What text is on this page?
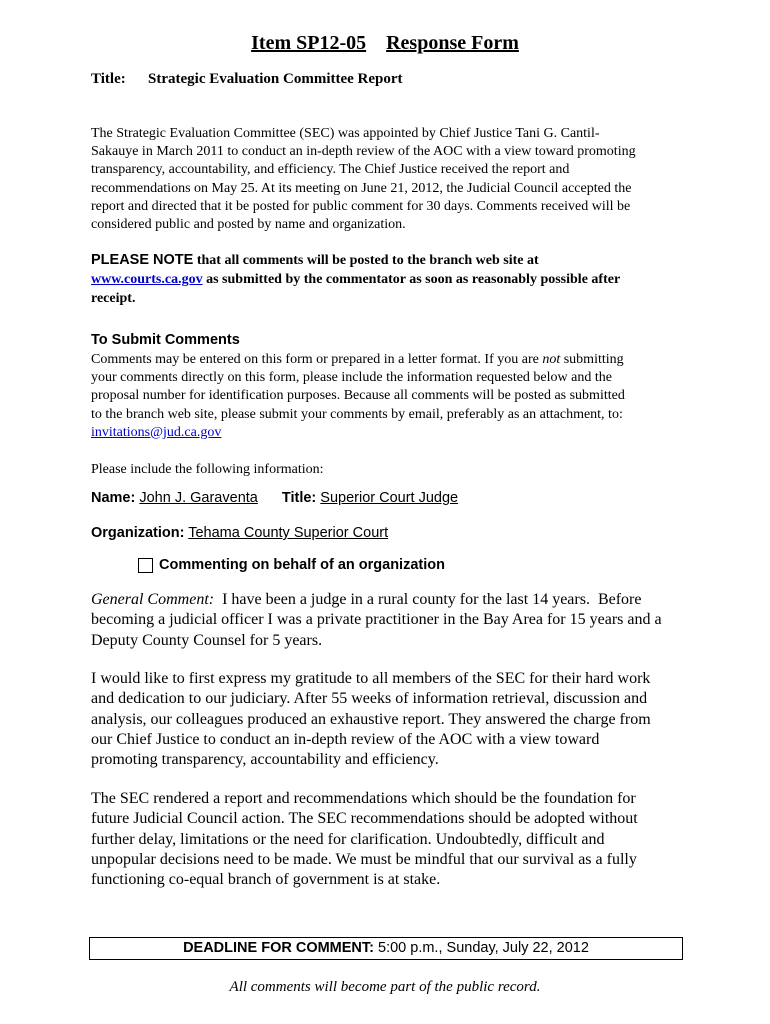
Item SP12-05 Response Form
Title: Strategic Evaluation Committee Report
The Strategic Evaluation Committee (SEC) was appointed by Chief Justice Tani G. Cantil-
Sakauye in March 2011 to conduct an in-depth review of the AOC with a view toward promoting
transparency, accountability, and efficiency. The Chief Justice received the report and
recommendations on May 25. At its meeting on June 21, 2012, the Judicial Council accepted the
report and directed that it be posted for public comment for 30 days. Comments received will be
considered public and posted by name and organization.
PLEASE NOTE that all comments will be posted to the branch web site at
www.courts.ca.gov as submitted by the commentator as soon as reasonably possible after
receipt.
To Submit Comments
Comments may be entered on this form or prepared in a letter format. If you are not submitting
your comments directly on this form, please include the information requested below and the
proposal number for identification purposes. Because all comments will be posted as submitted
to the branch web site, please submit your comments by email, preferably as an attachment, to:
invitations@jud.ca.gov
Please include the following information:
Name: John J. Garaventa Title: Superior Court Judge
Organization: Tehama County Superior Court
Commenting on behalf of an organization
General Comment:  I have been a judge in a rural county for the last 14 years.  Before
becoming a judicial officer I was a private practitioner in the Bay Area for 15 years and a
Deputy County Counsel for 5 years.
I would like to first express my gratitude to all members of the SEC for their hard work
and dedication to our judiciary. After 55 weeks of information retrieval, discussion and
analysis, our colleagues produced an exhaustive report. They answered the charge from
our Chief Justice to conduct an in-depth review of the AOC with a view toward
promoting transparency, accountability and efficiency.
The SEC rendered a report and recommendations which should be the foundation for
future Judicial Council action. The SEC recommendations should be adopted without
further delay, limitations or the need for clarification. Undoubtedly, difficult and
unpopular decisions need to be made. We must be mindful that our survival as a fully
functioning co-equal branch of government is at stake.
DEADLINE FOR COMMENT: 5:00 p.m., Sunday, July 22, 2012
All comments will become part of the public record.
